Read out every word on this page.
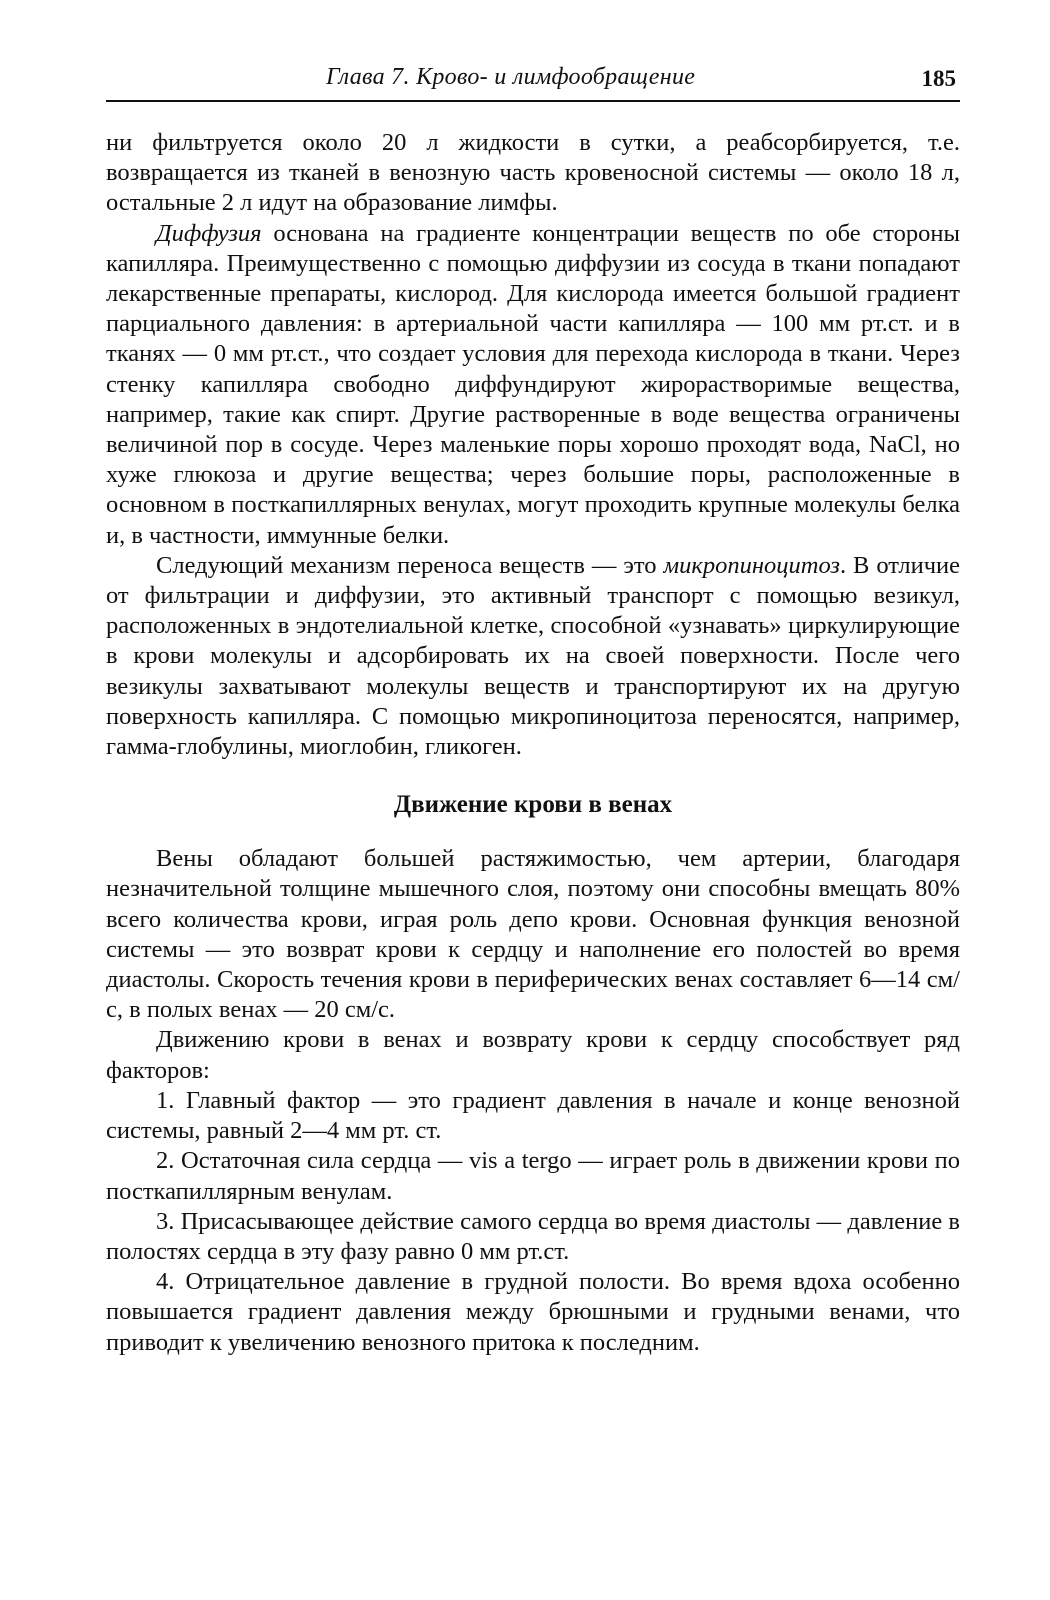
Глава 7. Крово- и лимфообращение	185

ни фильтруется около 20 л жидкости в сутки, а реабсорбируется, т.е. возвращается из тканей в венозную часть кровеносной системы — около 18 л, остальные 2 л идут на образование лимфы.

Диффузия основана на градиенте концентрации веществ по обе стороны капилляра. Преимущественно с помощью диффузии из сосуда в ткани попадают лекарственные препараты, кислород. Для кислорода имеется большой градиент парциального давления: в артериальной части капилляра — 100 мм рт.ст. и в тканях — 0 мм рт.ст., что создает условия для перехода кислорода в ткани. Через стенку капилляра свободно диффундируют жирорастворимые вещества, например, такие как спирт. Другие растворенные в воде вещества ограничены величиной пор в сосуде. Через маленькие поры хорошо проходят вода, NaCl, но хуже глюкоза и другие вещества; через большие поры, расположенные в основном в посткапиллярных венулах, могут проходить крупные молекулы белка и, в частности, иммунные белки.

Следующий механизм переноса веществ — это микропиноцитоз. В отличие от фильтрации и диффузии, это активный транспорт с помощью везикул, расположенных в эндотелиальной клетке, способной «узнавать» циркулирующие в крови молекулы и адсорбировать их на своей поверхности. После чего везикулы захватывают молекулы веществ и транспортируют их на другую поверхность капилляра. С помощью микропиноцитоза переносятся, например, гамма-глобулины, миоглобин, гликоген.

Движение крови в венах

Вены обладают большей растяжимостью, чем артерии, благодаря незначительной толщине мышечного слоя, поэтому они способны вмещать 80% всего количества крови, играя роль депо крови. Основная функция венозной системы — это возврат крови к сердцу и наполнение его полостей во время диастолы. Скорость течения крови в периферических венах составляет 6—14 см/с, в полых венах — 20 см/с.

Движению крови в венах и возврату крови к сердцу способствует ряд факторов:

1. Главный фактор — это градиент давления в начале и конце венозной системы, равный 2—4 мм рт. ст.

2. Остаточная сила сердца — vis a tergo — играет роль в движении крови по посткапиллярным венулам.

3. Присасывающее действие самого сердца во время диастолы — давление в полостях сердца в эту фазу равно 0 мм рт.ст.

4. Отрицательное давление в грудной полости. Во время вдоха особенно повышается градиент давления между брюшными и грудными венами, что приводит к увеличению венозного притока к последним.
